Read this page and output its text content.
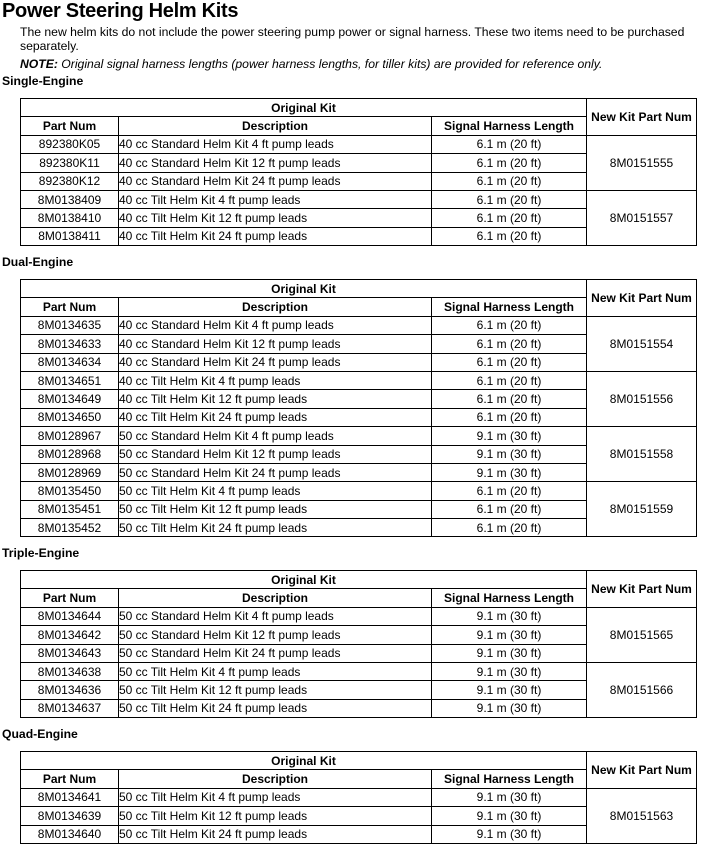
Power Steering Helm Kits

The new helm kits do not include the power steering pump power or signal harness. These two items need to be purchased separately.

NOTE: Original signal harness lengths (power harness lengths, for tiller kits) are provided for reference only.

Single-Engine

Original Kit			New Kit Part Num
Part Num	Description	Signal Harness Length	
892380K05	40 cc Standard Helm Kit 4 ft pump leads	6.1 m (20 ft)	8M0151555
892380K11	40 cc Standard Helm Kit 12 ft pump leads	6.1 m (20 ft)	
892380K12	40 cc Standard Helm Kit 24 ft pump leads	6.1 m (20 ft)	
8M0138409	40 cc Tilt Helm Kit 4 ft pump leads	6.1 m (20 ft)	8M0151557
8M0138410	40 cc Tilt Helm Kit 12 ft pump leads	6.1 m (20 ft)	
8M0138411	40 cc Tilt Helm Kit 24 ft pump leads	6.1 m (20 ft)	

Dual-Engine

Original Kit			New Kit Part Num
Part Num	Description	Signal Harness Length	
8M0134635	40 cc Standard Helm Kit 4 ft pump leads	6.1 m (20 ft)	8M0151554
8M0134633	40 cc Standard Helm Kit 12 ft pump leads	6.1 m (20 ft)	
8M0134634	40 cc Standard Helm Kit 24 ft pump leads	6.1 m (20 ft)	
8M0134651	40 cc Tilt Helm Kit 4 ft pump leads	6.1 m (20 ft)	8M0151556
8M0134649	40 cc Tilt Helm Kit 12 ft pump leads	6.1 m (20 ft)	
8M0134650	40 cc Tilt Helm Kit 24 ft pump leads	6.1 m (20 ft)	
8M0128967	50 cc Standard Helm Kit 4 ft pump leads	9.1 m (30 ft)	8M0151558
8M0128968	50 cc Standard Helm Kit 12 ft pump leads	9.1 m (30 ft)	
8M0128969	50 cc Standard Helm Kit 24 ft pump leads	9.1 m (30 ft)	
8M0135450	50 cc Tilt Helm Kit 4 ft pump leads	6.1 m (20 ft)	8M0151559
8M0135451	50 cc Tilt Helm Kit 12 ft pump leads	6.1 m (20 ft)	
8M0135452	50 cc Tilt Helm Kit 24 ft pump leads	6.1 m (20 ft)	

Triple-Engine

Original Kit			New Kit Part Num
Part Num	Description	Signal Harness Length	
8M0134644	50 cc Standard Helm Kit 4 ft pump leads	9.1 m (30 ft)	8M0151565
8M0134642	50 cc Standard Helm Kit 12 ft pump leads	9.1 m (30 ft)	
8M0134643	50 cc Standard Helm Kit 24 ft pump leads	9.1 m (30 ft)	
8M0134638	50 cc Tilt Helm Kit 4 ft pump leads	9.1 m (30 ft)	8M0151566
8M0134636	50 cc Tilt Helm Kit 12 ft pump leads	9.1 m (30 ft)	
8M0134637	50 cc Tilt Helm Kit 24 ft pump leads	9.1 m (30 ft)	

Quad-Engine

Original Kit			New Kit Part Num
Part Num	Description	Signal Harness Length	
8M0134641	50 cc Tilt Helm Kit 4 ft pump leads	9.1 m (30 ft)	8M0151563
8M0134639	50 cc Tilt Helm Kit 12 ft pump leads	9.1 m (30 ft)	
8M0134640	50 cc Tilt Helm Kit 24 ft pump leads	9.1 m (30 ft)	
